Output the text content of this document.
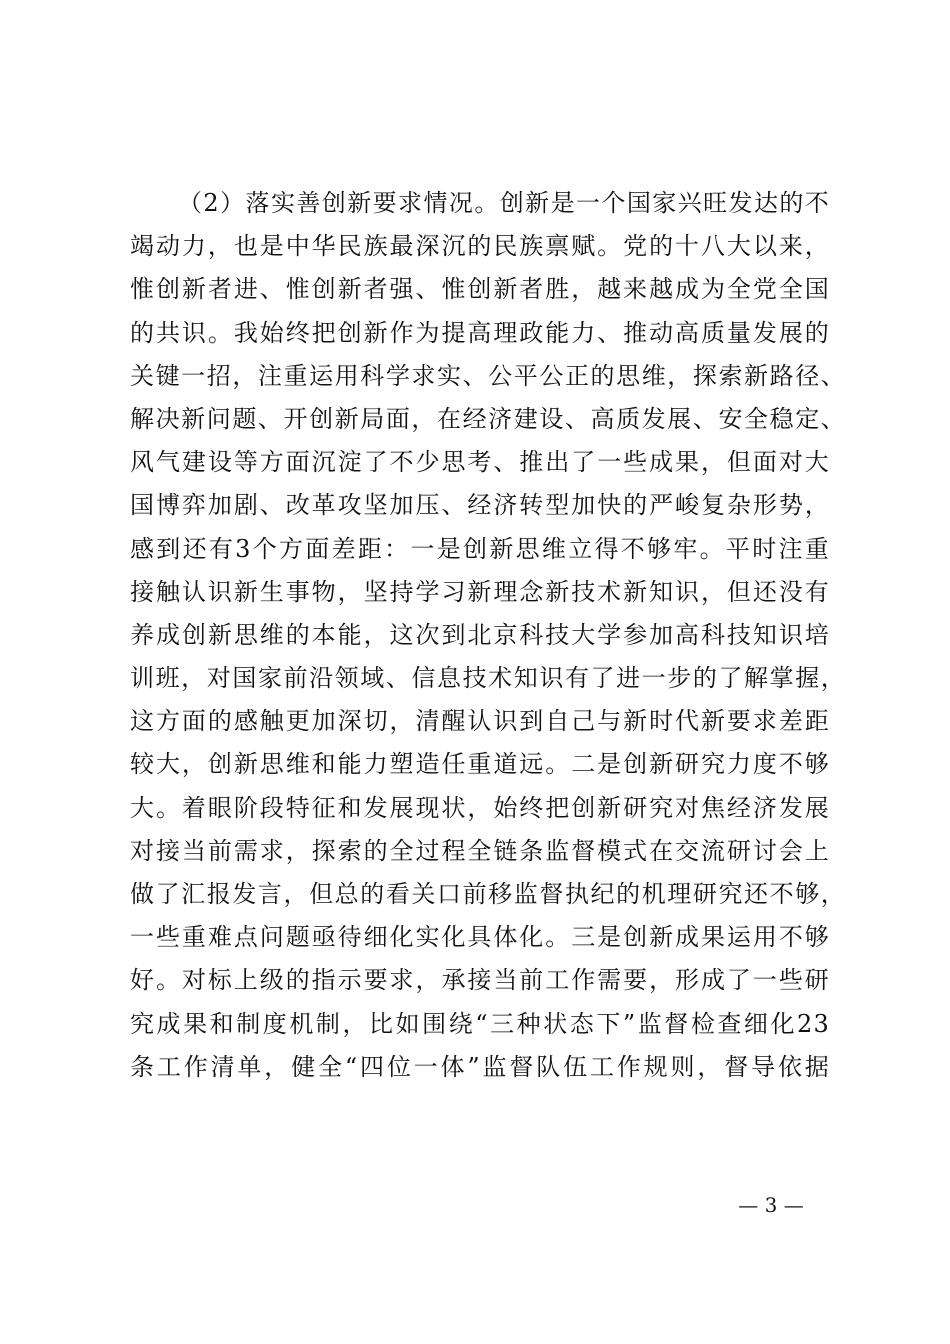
（2）落实善创新要求情况。创新是一个国家兴旺发达的不
竭动力，也是中华民族最深沉的民族禀赋。党的十八大以来，
惟创新者进、惟创新者强、惟创新者胜，越来越成为全党全国
的共识。我始终把创新作为提高理政能力、推动高质量发展的
关键一招，注重运用科学求实、公平公正的思维，探索新路径、
解决新问题、开创新局面，在经济建设、高质发展、安全稳定、
风气建设等方面沉淀了不少思考、推出了一些成果，但面对大
国博弈加剧、改革攻坚加压、经济转型加快的严峻复杂形势，
感到还有3个方面差距：一是创新思维立得不够牢。平时注重
接触认识新生事物，坚持学习新理念新技术新知识，但还没有
养成创新思维的本能，这次到北京科技大学参加高科技知识培
训班，对国家前沿领域、信息技术知识有了进一步的了解掌握，
这方面的感触更加深切，清醒认识到自己与新时代新要求差距
较大，创新思维和能力塑造任重道远。二是创新研究力度不够
大。着眼阶段特征和发展现状，始终把创新研究对焦经济发展
对接当前需求，探索的全过程全链条监督模式在交流研讨会上
做了汇报发言，但总的看关口前移监督执纪的机理研究还不够，
一些重难点问题亟待细化实化具体化。三是创新成果运用不够
好。对标上级的指示要求，承接当前工作需要，形成了一些研
究成果和制度机制，比如围绕“三种状态下”监督检查细化23
条工作清单，健全“四位一体”监督队伍工作规则，督导依据
— 3 —
